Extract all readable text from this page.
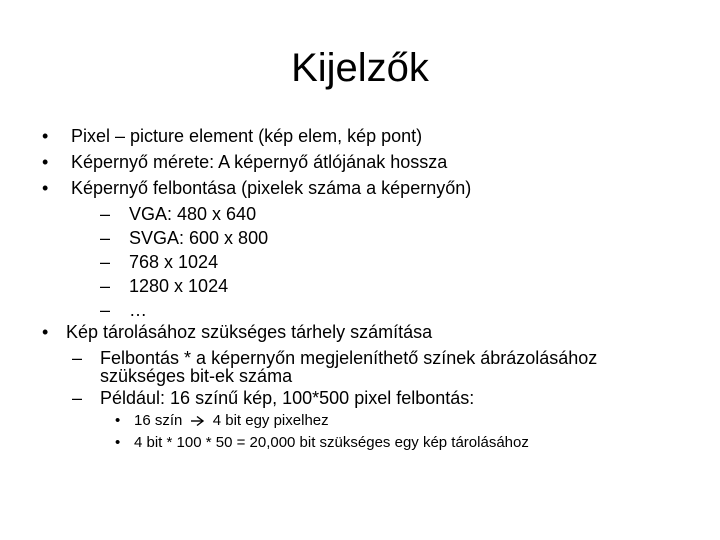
Kijelzők
• Pixel – picture element (kép elem, kép pont)
• Képernyő mérete: A képernyő átlójának hossza
• Képernyő felbontása (pixelek száma a képernyőn)
– VGA: 480 x 640
– SVGA: 600 x 800
– 768 x 1024
– 1280 x 1024
– …
• Kép tárolásához szükséges tárhely számítása
– Felbontás * a képernyőn megjeleníthető színek ábrázolásához
szükséges bit-ek száma
– Például: 16 színű kép, 100*500 pixel felbontás:
• 16 szín 4 bit egy pixelhez
• 4 bit * 100 * 50 = 20,000 bit szükséges egy kép tárolásához
